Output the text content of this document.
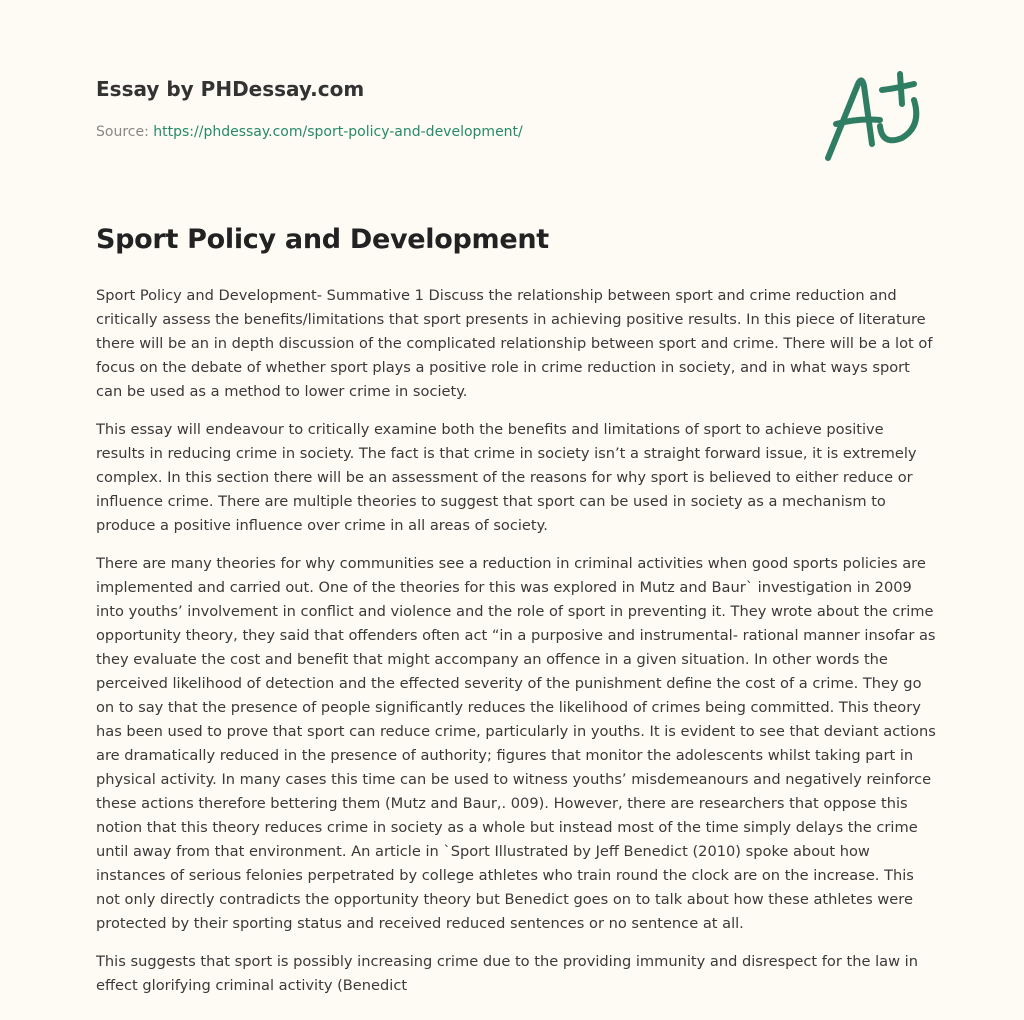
Essay by PHDessay.com
Source: https://phdessay.com/sport-policy-and-development/
Sport Policy and Development

Sport Policy and Development- Summative 1 Discuss the relationship between sport and crime reduction and critically assess the benefits/limitations that sport presents in achieving positive results. In this piece of literature there will be an in depth discussion of the complicated relationship between sport and crime. There will be a lot of focus on the debate of whether sport plays a positive role in crime reduction in society, and in what ways sport can be used as a method to lower crime in society.

This essay will endeavour to critically examine both the benefits and limitations of sport to achieve positive results in reducing crime in society. The fact is that crime in society isn’t a straight forward issue, it is extremely complex. In this section there will be an assessment of the reasons for why sport is believed to either reduce or influence crime. There are multiple theories to suggest that sport can be used in society as a mechanism to produce a positive influence over crime in all areas of society.

There are many theories for why communities see a reduction in criminal activities when good sports policies are implemented and carried out. One of the theories for this was explored in Mutz and Baur` investigation in 2009 into youths’ involvement in conflict and violence and the role of sport in preventing it. They wrote about the crime opportunity theory, they said that offenders often act “in a purposive and instrumental- rational manner insofar as they evaluate the cost and benefit that might accompany an offence in a given situation. In other words the perceived likelihood of detection and the effected severity of the punishment define the cost of a crime. They go on to say that the presence of people significantly reduces the likelihood of crimes being committed. This theory has been used to prove that sport can reduce crime, particularly in youths. It is evident to see that deviant actions are dramatically reduced in the presence of authority; figures that monitor the adolescents whilst taking part in physical activity. In many cases this time can be used to witness youths’ misdemeanours and negatively reinforce these actions therefore bettering them (Mutz and Baur,. 009). However, there are researchers that oppose this notion that this theory reduces crime in society as a whole but instead most of the time simply delays the crime until away from that environment. An article in `Sport Illustrated by Jeff Benedict (2010) spoke about how instances of serious felonies perpetrated by college athletes who train round the clock are on the increase. This not only directly contradicts the opportunity theory but Benedict goes on to talk about how these athletes were protected by their sporting status and received reduced sentences or no sentence at all.

This suggests that sport is possibly increasing crime due to the providing immunity and disrespect for the law in effect glorifying criminal activity (Benedict
